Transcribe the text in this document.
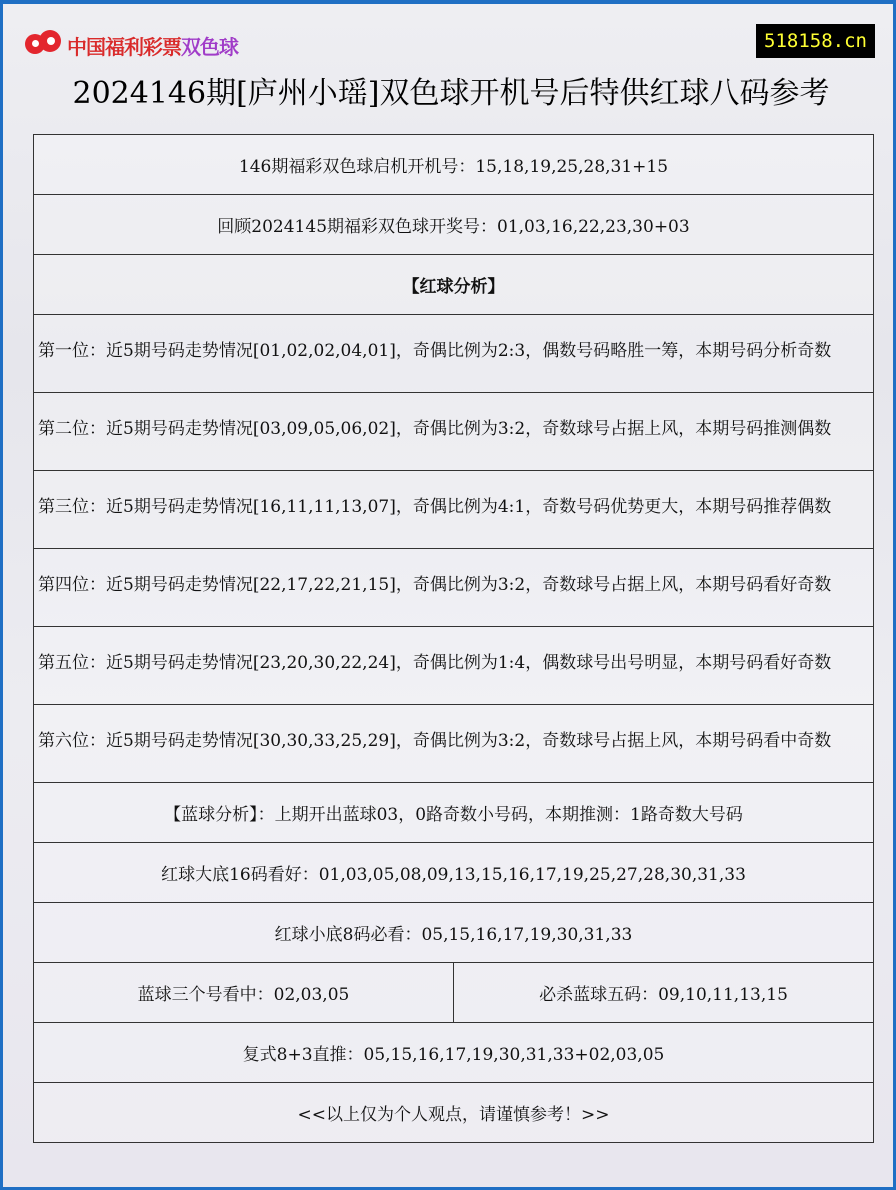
中国福利彩票双色球	518158.cn
2024146期[庐州小瑶]双色球开机号后特供红球八码参考
146期福彩双色球启机开机号：15,18,19,25,28,31+15
回顾2024145期福彩双色球开奖号：01,03,16,22,23,30+03
【红球分析】
第一位：近5期号码走势情况[01,02,02,04,01]，奇偶比例为2:3，偶数号码略胜一筹，本期号码分析奇数
第二位：近5期号码走势情况[03,09,05,06,02]，奇偶比例为3:2，奇数球号占据上风，本期号码推测偶数
第三位：近5期号码走势情况[16,11,11,13,07]，奇偶比例为4:1，奇数号码优势更大，本期号码推荐偶数
第四位：近5期号码走势情况[22,17,22,21,15]，奇偶比例为3:2，奇数球号占据上风，本期号码看好奇数
第五位：近5期号码走势情况[23,20,30,22,24]，奇偶比例为1:4，偶数球号出号明显，本期号码看好奇数
第六位：近5期号码走势情况[30,30,33,25,29]，奇偶比例为3:2，奇数球号占据上风，本期号码看中奇数
【蓝球分析】：上期开出蓝球03，0路奇数小号码，本期推测：1路奇数大号码
红球大底16码看好：01,03,05,08,09,13,15,16,17,19,25,27,28,30,31,33
红球小底8码必看：05,15,16,17,19,30,31,33
蓝球三个号看中：02,03,05	必杀蓝球五码：09,10,11,13,15
复式8+3直推：05,15,16,17,19,30,31,33+02,03,05
<<以上仅为个人观点，请谨慎参考！>>
